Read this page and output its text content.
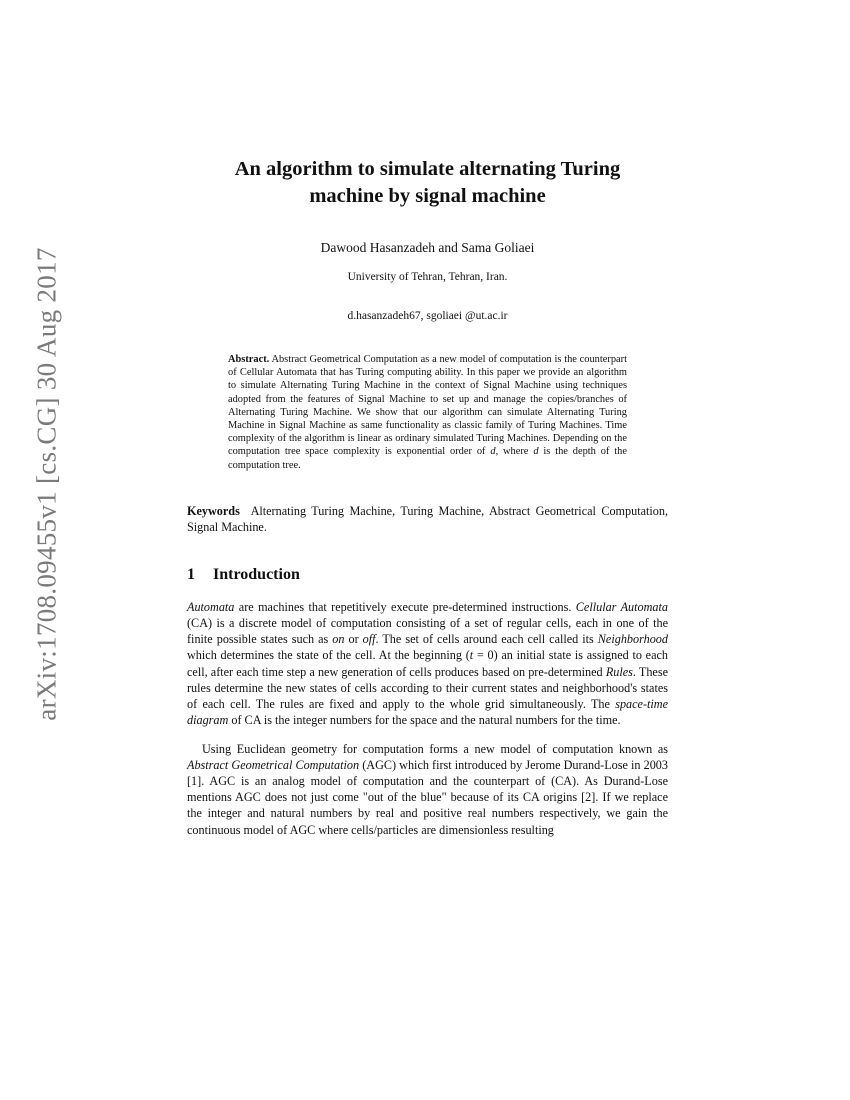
arXiv:1708.09455v1 [cs.CG] 30 Aug 2017
An algorithm to simulate alternating Turing
machine by signal machine
Dawood Hasanzadeh and Sama Goliaei
University of Tehran, Tehran, Iran.
d.hasanzadeh67, sgoliaei @ut.ac.ir
Abstract. Abstract Geometrical Computation as a new model of computation is the counterpart of Cellular Automata that has Turing computing ability. In this paper we provide an algorithm to simulate Alternating Turing Machine in the context of Signal Machine using techniques adopted from the features of Signal Machine to set up and manage the copies/branches of Alternating Turing Machine. We show that our algorithm can simulate Alternating Turing Machine in Signal Machine as same functionality as classic family of Turing Machines. Time complexity of the algorithm is linear as ordinary simulated Turing Machines. Depending on the computation tree space complexity is exponential order of d, where d is the depth of the computation tree.
Keywords Alternating Turing Machine, Turing Machine, Abstract Geometrical Computation, Signal Machine.
1 Introduction

Automata are machines that repetitively execute pre-determined instructions. Cellular Automata (CA) is a discrete model of computation consisting of a set of regular cells, each in one of the finite possible states such as on or off. The set of cells around each cell called its Neighborhood which determines the state of the cell. At the beginning (t = 0) an initial state is assigned to each cell, after each time step a new generation of cells produces based on pre-determined Rules. These rules determine the new states of cells according to their current states and neighborhood's states of each cell. The rules are fixed and apply to the whole grid simultaneously. The space-time diagram of CA is the integer numbers for the space and the natural numbers for the time.

Using Euclidean geometry for computation forms a new model of computation known as Abstract Geometrical Computation (AGC) which first introduced by Jerome Durand-Lose in 2003 [1]. AGC is an analog model of computation and the counterpart of (CA). As Durand-Lose mentions AGC does not just come "out of the blue" because of its CA origins [2]. If we replace the integer and natural numbers by real and positive real numbers respectively, we gain the continuous model of AGC where cells/particles are dimensionless resulting
